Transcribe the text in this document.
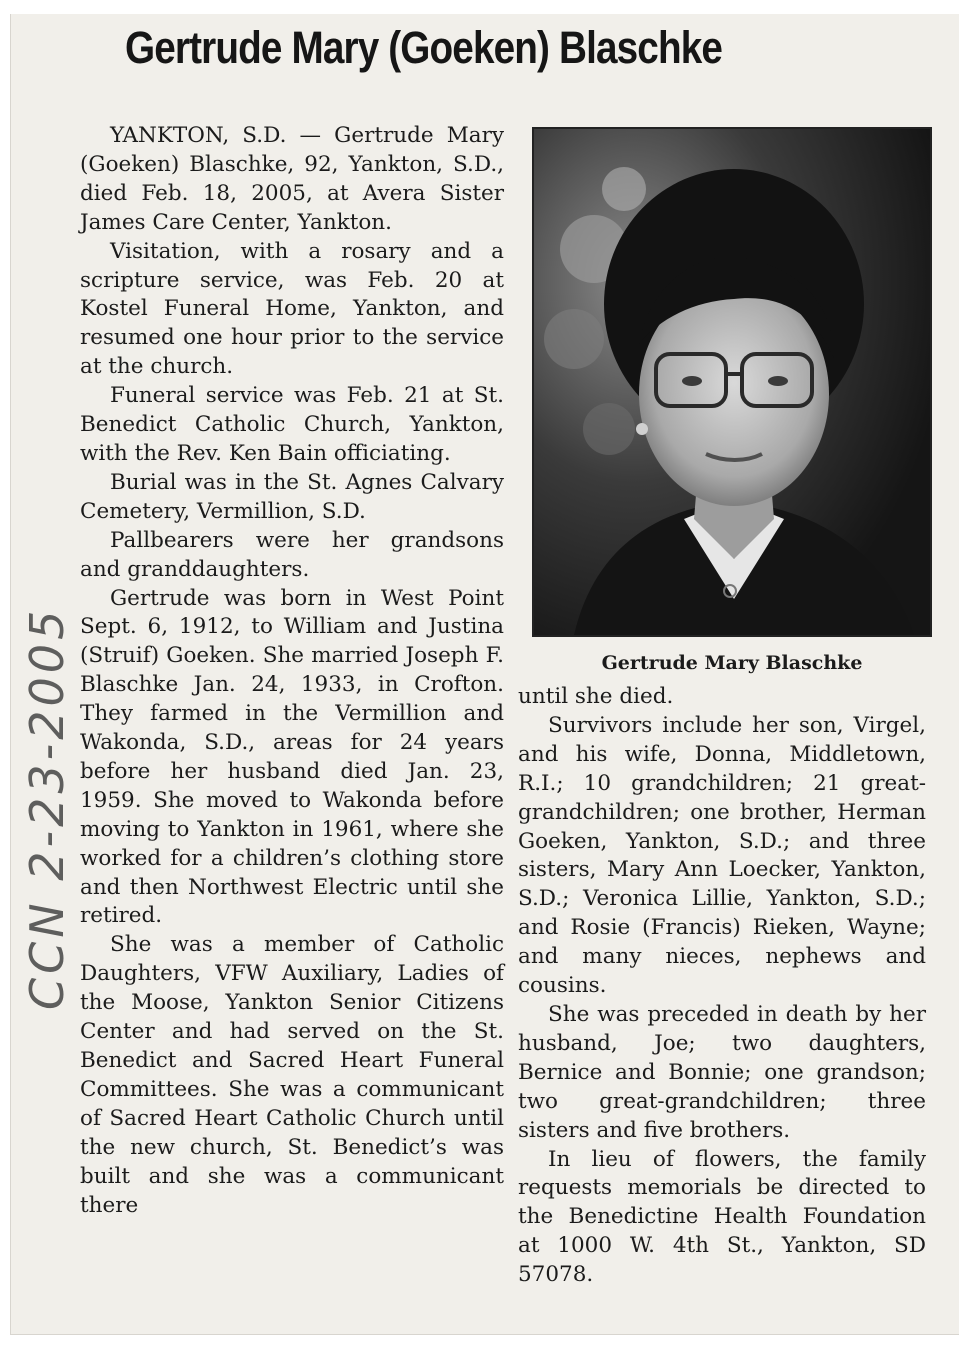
Gertrude Mary (Goeken) Blaschke

YANKTON, S.D. — Gertrude Mary (Goeken) Blaschke, 92, Yankton, S.D., died Feb. 18, 2005, at Avera Sister James Care Center, Yankton.

Visitation, with a rosary and a scripture service, was Feb. 20 at Kostel Funeral Home, Yankton, and resumed one hour prior to the service at the church.

Funeral service was Feb. 21 at St. Benedict Catholic Church, Yankton, with the Rev. Ken Bain officiating.

Burial was in the St. Agnes Calvary Cemetery, Vermillion, S.D.

Pallbearers were her grandsons and granddaughters.

Gertrude was born in West Point Sept. 6, 1912, to William and Justina (Struif) Goeken. She married Joseph F. Blaschke Jan. 24, 1933, in Crofton. They farmed in the Vermillion and Wakonda, S.D., areas for 24 years before her husband died Jan. 23, 1959. She moved to Wakonda before moving to Yankton in 1961, where she worked for a children’s clothing store and then Northwest Electric until she retired.

She was a member of Catholic Daughters, VFW Auxiliary, Ladies of the Moose, Yankton Senior Citizens Center and had served on the St. Benedict and Sacred Heart Funeral Committees. She was a communicant of Sacred Heart Catholic Church until the new church, St. Benedict’s was built and she was a communicant there

Gertrude Mary Blaschke

until she died.

Survivors include her son, Virgel, and his wife, Donna, Middletown, R.I.; 10 grandchildren; 21 great-grandchildren; one brother, Herman Goeken, Yankton, S.D.; and three sisters, Mary Ann Loecker, Yankton, S.D.; Veronica Lillie, Yankton, S.D.; and Rosie (Francis) Rieken, Wayne; and many nieces, nephews and cousins.

She was preceded in death by her husband, Joe; two daughters, Bernice and Bonnie; one grandson; two great-grandchildren; three sisters and five brothers.

In lieu of flowers, the family requests memorials be directed to the Benedictine Health Foundation at 1000 W. 4th St., Yankton, SD 57078.

CCN 2-23-2005
